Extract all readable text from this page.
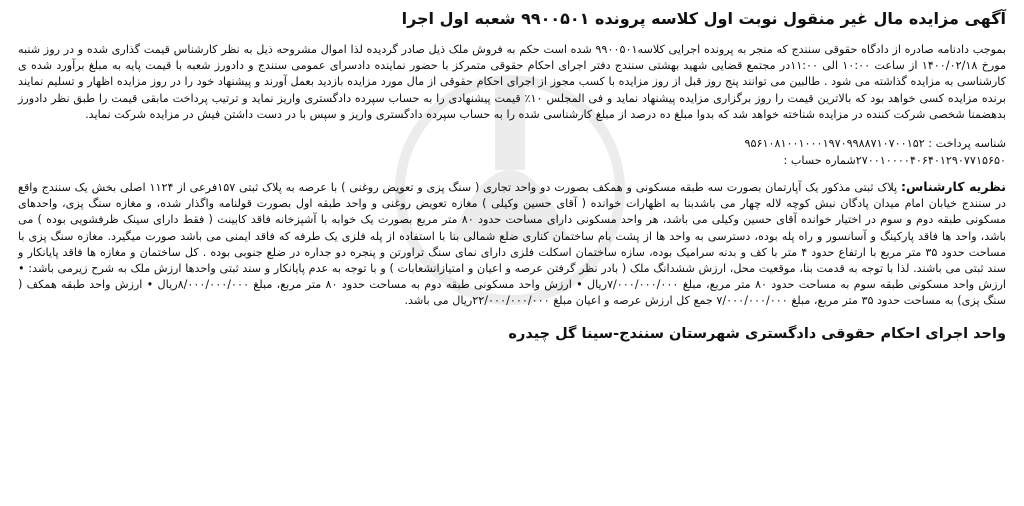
آگهی مزایده مال غیر منقول نوبت اول کلاسه پرونده ۹۹۰۰۵۰۱ شعبه اول اجرا

بموجب دادنامه صادره از دادگاه حقوقی سنندج که منجر به پرونده اجرایی کلاسه۹۹۰۰۵۰۱ شده است حکم به فروش ملک ذیل صادر گردیده لذا اموال مشروحه ذیل به نظر کارشناس قیمت گذاری شده و در روز شنبه مورخ ۱۴۰۰/۰۲/۱۸ از ساعت ۱۰:۰۰ الی ۱۱:۰۰در مجتمع قضایی شهید بهشتی سنندج دفتر اجرای احکام حقوقی متمرکز با حضور نماینده دادسرای عمومی سنندج و دادورز شعبه با قیمت پایه به مبلغ برآورد شده ی کارشناسی به مزایده گذاشته می شود . طالبین می توانند پنج روز قبل از روز مزایده با کسب مجوز از اجرای احکام حقوقی از مال مورد مزایده بازدید بعمل آورند و پیشنهاد خود را در روز مزایده اظهار و تسلیم نمایند برنده مزایده کسی خواهد بود که بالاترین قیمت را روز برگزاری مزایده پیشنهاد نماید و فی المجلس ۱۰٪ قیمت پیشنهادی را به حساب سپرده دادگستری واریز نماید و ترتیب پرداخت مابقی قیمت را طبق نظر دادورز بدهضمنا شخصی شرکت کننده در مزایده شناخته خواهد شد که بدوا مبلغ ده درصد از مبلغ کارشناسی شده را به حساب سپرده دادگستری واریز و سپس با در دست داشتن فیش در مزایده شرکت نماید.

شناسه پرداخت : ۹۵۶۱۰۸۱۰۰۱۰۰۰۱۹۷۰۹۹۸۸۷۱۰۷۰۰۱۵۲

۲۷۰۰۱۰۰۰۰۴۰۶۴۰۱۲۹۰۷۷۱۵۶۵۰شماره حساب :

نظریه کارشناس: پلاک ثبتی مذکور یک آپارتمان بصورت سه طبقه مسکونی و همکف بصورت دو واحد تجاری ( سنگ پزی و تعویض روغنی ) با عرصه به پلاک ثبتی ۱۵۷فرعی از ۱۱۲۴ اصلی بخش یک سنندج واقع در سنندج خیابان امام میدان پادگان نبش کوچه لاله چهار می باشدبنا به اظهارات خوانده ( آقای حسین وکیلی ) مغازه تعویض روغنی و واحد طبقه اول بصورت قولنامه واگذار شده، و مغازه سنگ پزی، واحدهای مسکونی طبقه دوم و سوم در اختیار خوانده آقای حسین وکیلی می باشد، هر واحد مسکونی دارای مساحت حدود ۸۰ متر مربع بصورت یک خوابه با آشپزخانه فاقد کابینت ( فقط دارای سینک ظرفشویی بوده ) می باشد، واحد ها فاقد پارکینگ و آسانسور و راه پله بوده، دسترسی به واحد ها از پشت بام ساختمان کناری ضلع شمالی بنا با استفاده از پله فلزی یک طرفه که فاقد ایمنی می باشد صورت میگیرد. مغازه سنگ پزی با مساحت حدود ۳۵ متر مربع با ارتفاع حدود ۴ متر با کف و بدنه سرامیک بوده، سازه ساختمان اسکلت فلزی دارای نمای سنگ تراورتن و پنجره دو جداره در ضلع جنوبی بوده . کل ساختمان و مغازه ها فاقد پایانکار و سند ثبتی می باشند. لذا با توجه به قدمت بنا، موقعیت محل، ارزش ششدانگ ملک ( بادر نظر گرفتن عرصه و اعیان و امتیازانشعابات ) و با توجه به عدم پایانکار و سند ثبتی واحدها ارزش ملک به شرح زیرمی باشد: • ارزش واحد مسکونی طبقه سوم به مساحت حدود ۸۰ متر مربع، مبلغ ۷/۰۰۰/۰۰۰/۰۰۰ریال • ارزش واحد مسکونی طبقه دوم به مساحت حدود ۸۰ متر مربع، مبلغ ۸/۰۰۰/۰۰۰/۰۰۰ریال • ارزش واحد طبقه همکف ( سنگ پزی) به مساحت حدود ۳۵ متر مربع، مبلغ ۷/۰۰۰/۰۰۰/۰۰۰ جمع کل ارزش عرصه و اعیان مبلغ ۲۲/۰۰۰/۰۰۰/۰۰۰ریال می باشد.

واحد اجرای احکام حقوقی دادگستری شهرستان سنندج-سینا گل چیدره
